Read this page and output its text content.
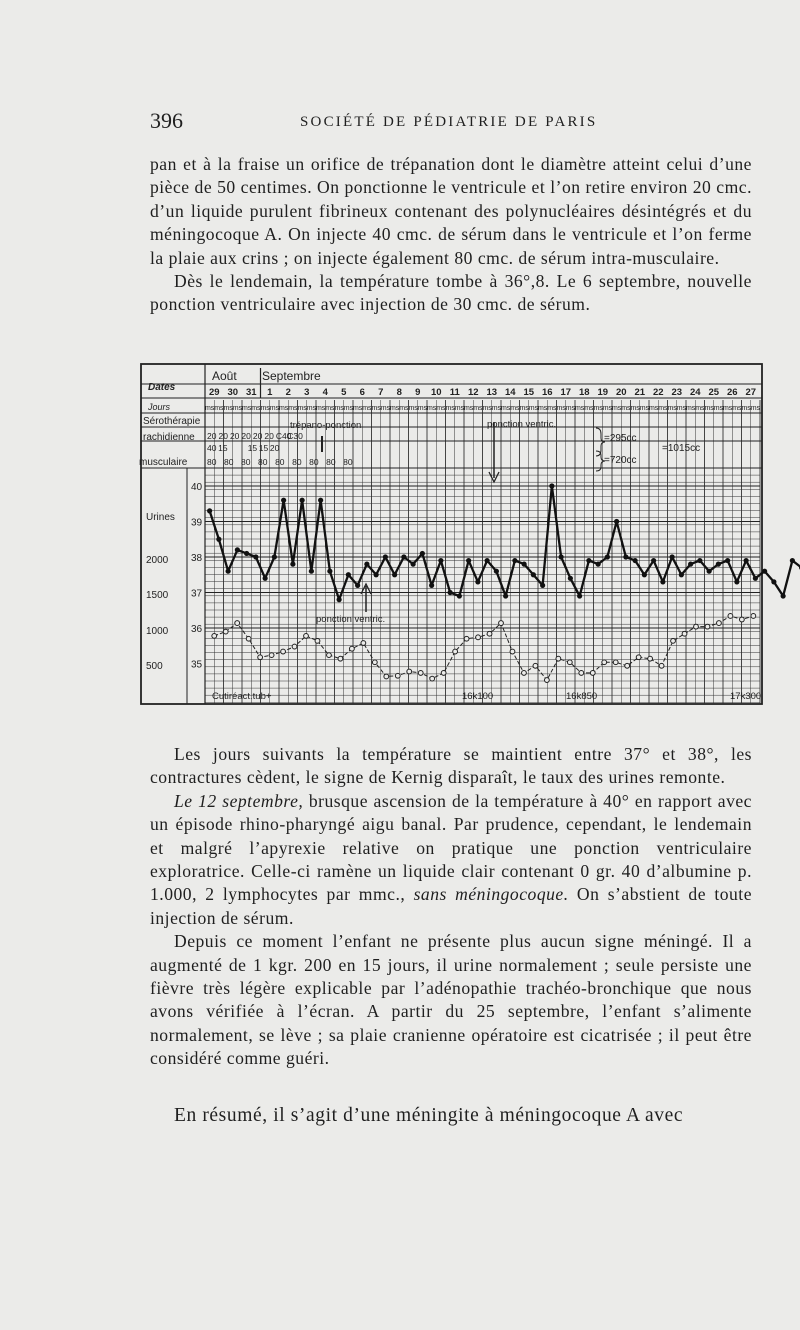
396	SOCIÉTÉ DE PÉDIATRIE DE PARIS

pan et à la fraise un orifice de trépanation dont le diamètre atteint celui d’une pièce de 50 centimes. On ponctionne le ventricule et l’on retire environ 20 cmc. d’un liquide purulent fibrineux contenant des polynucléaires désintégrés et du méningocoque A. On injecte 40 cmc. de sérum dans le ventricule et l’on ferme la plaie aux crins ; on injecte également 80 cmc. de sérum intra-musculaire.

Dès le lendemain, la température tombe à 36°,8. Le 6 septembre, nouvelle ponction ventriculaire avec injection de 30 cmc. de sérum.

Dates
Jours
Sérothérapie
rachidienne
musculaire
Urines
Août Septembre
29
ms ms
30
ms ms
31
ms ms
1
ms ms
2
ms ms
3
ms ms
4
ms ms
5
ms ms
6
ms ms
7
ms ms
8
ms ms
9
ms ms
10
ms ms
11
ms ms
12
ms ms
13
ms ms
14
ms ms
15
ms ms
16
ms ms
17
ms ms
18
ms ms
19
ms ms
20
ms ms
21
ms ms
22
ms ms
23
ms ms
24
ms ms
25
ms ms
26
ms ms
27
ms ms
20 20 20 20 20 20 C40
C30
40 15 15 15 20
80 80 80 80 80 80 80 80 80
40
39
38
37
36
35
2000
1500
1000
500
trépano-ponction	ponction ventric.
ponction ventric.
=295cc
=1015cc
=720cc
Cutiréact.tub+	16k100	16k850	17k300

Les jours suivants la température se maintient entre 37° et 38°, les contractures cèdent, le signe de Kernig disparaît, le taux des urines remonte.

Le 12 septembre, brusque ascension de la température à 40° en rapport avec un épisode rhino-pharyngé aigu banal. Par prudence, cependant, le lendemain et malgré l’apyrexie relative on pratique une ponction ventriculaire exploratrice. Celle-ci ramène un liquide clair contenant 0 gr. 40 d’albumine p. 1.000, 2 lymphocytes par mmc., sans méningocoque. On s’abstient de toute injection de sérum.

Depuis ce moment l’enfant ne présente plus aucun signe méningé. Il a augmenté de 1 kgr. 200 en 15 jours, il urine normalement ; seule persiste une fièvre très légère explicable par l’adénopathie trachéo-bronchique que nous avons vérifiée à l’écran. A partir du 25 septembre, l’enfant s’alimente normalement, se lève ; sa plaie cranienne opératoire est cicatrisée ; il peut être considéré comme guéri.

En résumé, il s’agit d’une méningite à méningocoque A avec
